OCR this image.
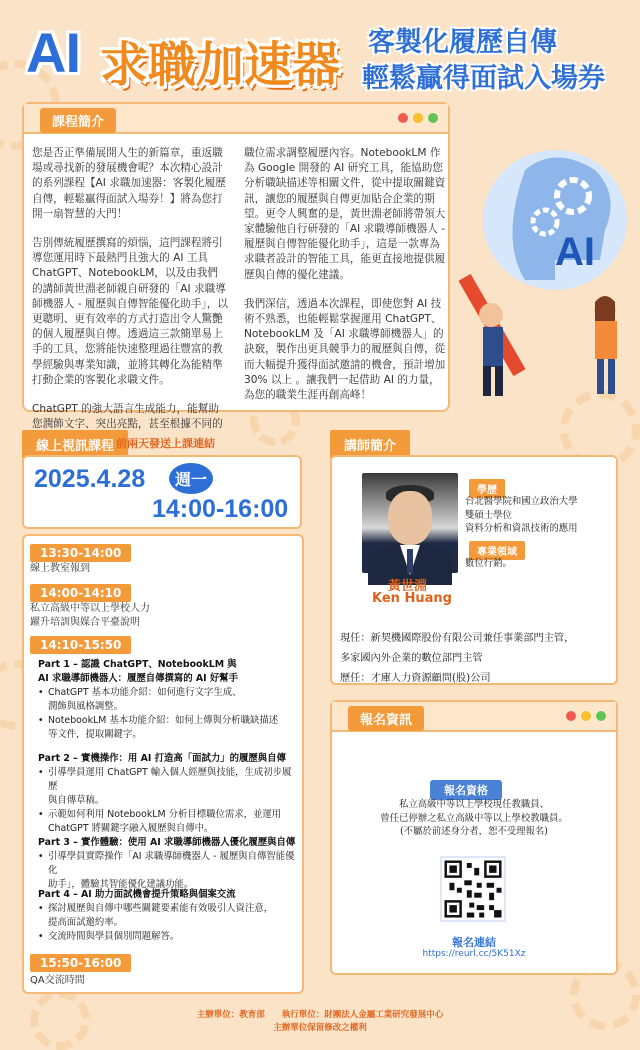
AI 求職加速器 客製化履歷自傳
輕鬆贏得面試入場券
課程簡介

您是否正準備展開人生的新篇章，重返職場或尋找新的發展機會呢？本次精心設計的系列課程【AI 求職加速器：客製化履歷自傳，輕鬆贏得面試入場券！】將為您打開一扇智慧的大門！

告別傳統履歷撰寫的煩惱，這門課程將引導您運用時下最熱門且強大的 AI 工具 ChatGPT、NotebookLM，以及由我們的講師黃世淵老師親自研發的「AI 求職導師機器人 - 履歷與自傳智能優化助手」，以更聰明、更有效率的方式打造出令人驚艷的個人履歷與自傳。透過這三款簡單易上手的工具，您將能快速整理過往豐富的教學經驗與專業知識，並將其轉化為能精準打動企業的客製化求職文件。

ChatGPT 的強大語言生成能力，能幫助您潤飾文字、突出亮點，甚至根據不同的

職位需求調整履歷內容。NotebookLM 作為 Google 開發的 AI 研究工具，能協助您分析職缺描述等相關文件，從中提取關鍵資訊，讓您的履歷與自傳更加貼合企業的期望。更令人興奮的是，黃世淵老師將帶領大家體驗他自行研發的「AI 求職導師機器人 - 履歷與自傳智能優化助手」，這是一款專為求職者設計的智能工具，能更直接地提供履歷與自傳的優化建議。

我們深信，透過本次課程，即使您對 AI 技術不熟悉，也能輕鬆掌握運用 ChatGPT、NotebookLM 及「AI 求職導師機器人」的訣竅，製作出更具競爭力的履歷與自傳，從而大幅提升獲得面試邀請的機會，預計增加 30% 以上 。讓我們一起借助 AI 的力量，為您的職業生涯再創高峰！

AI
線上視訊課程 前兩天發送上課連結
2025.4.28	週一
14:00-16:00
13:30-14:00
線上教室報到
14:00-14:10
私立高級中等以上學校人力
躍升培訓與媒合平臺說明
14:10-15:50
Part 1 – 認識 ChatGPT、NotebookLM 與
AI 求職導師機器人：履歷自傳撰寫的 AI 好幫手
• ChatGPT 基本功能介紹：如何進行文字生成、
潤飾與風格調整。
• NotebookLM 基本功能介紹：如何上傳與分析職缺描述
等文件，提取關鍵字。
Part 2 – 實機操作：用 AI 打造高「面試力」的履歷與自傳
• 引導學員運用 ChatGPT 輸入個人經歷與技能，生成初步履歷
與自傳草稿。
• 示範如何利用 NotebookLM 分析目標職位需求，並運用
ChatGPT 將關鍵字融入履歷與自傳中。
Part 3 – 實作體驗：使用 AI 求職導師機器人優化履歷與自傳
• 引導學員實際操作「AI 求職導師機器人 - 履歷與自傳智能優化
助手」，體驗其智能優化建議功能。
Part 4 – AI 助力面試機會提升策略與個案交流
• 探討履歷與自傳中哪些關鍵要素能有效吸引人資注意，
提高面試邀約率。
• 交流時間與學員個別問題解答。
15:50-16:00
QA交流時間
講師簡介
黃世淵
Ken Huang
學歷
台北醫學院和國立政治大學
雙碩士學位
資料分析和資訊技術的應用
專業領域
數位行銷。
現任：新契機國際股份有限公司兼任事業部門主管，
多家國內外企業的數位部門主管
歷任：才庫人力資源顧問(股)公司
報名資訊
報名資格
私立高級中等以上學校現任教職員、
曾任已停辦之私立高級中等以上學校教職員。
(不屬於前述身分者，恕不受理報名)
報名連結
https://reurl.cc/5K51Xz
主辦單位：教育部　　執行單位：財團法人金屬工業研究發展中心
主辦單位保留修改之權利
